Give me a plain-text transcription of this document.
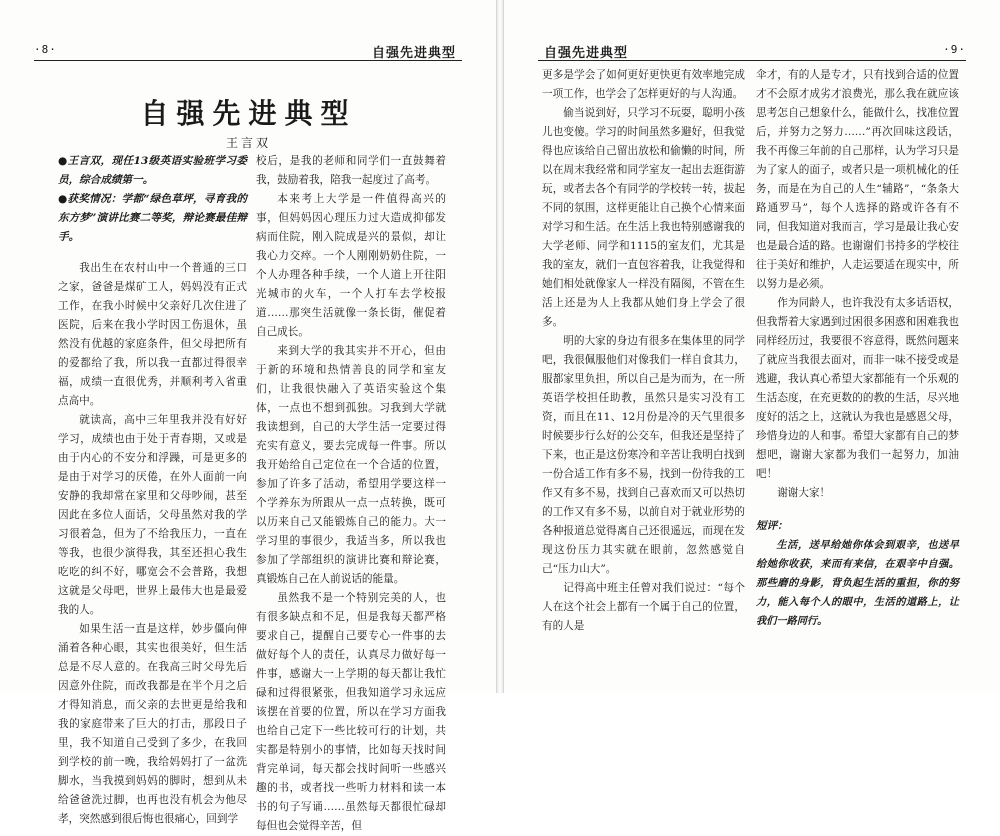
·8·	自强先进典型
自强先进典型
王言双

●王言双，现任13级英语实验班学习委员，综合成绩第一。

●获奖情况：学都“绿色草坪，寻育我的东方梦”演讲比赛二等奖，辩论赛最佳辩手。

我出生在农村山中一个普通的三口之家，爸爸是煤矿工人，妈妈没有正式工作，在我小时候中父亲好几次住进了医院，后来在我小学时因工伤退休，虽然没有优越的家庭条件，但父母把所有的爱都给了我，所以我一直都过得很幸福，成绩一直很优秀，并顺利考入省重点高中。

就读高，高中三年里我并没有好好学习，成绩也由于处于青春期，又或是由于内心的不安分和浮躁，可是更多的是由于对学习的厌倦，在外人面前一向安静的我却常在家里和父母吵闹，甚至因此在多位人面话，父母虽然对我的学习很着急，但为了不给我压力，一直在等我，也很少演得我，其至还担心我生吃吃的纠不好，哪宽会不会普路，我想这就是父母吧，世界上最伟大也是最爱我的人。

如果生活一直是这样，妙步僵向伸涌着各种心眼，其实也很美好，但生活总是不尽人意的。在我高三时父母先后因意外住院，而改我都是在半个月之后才得知消息，而父亲的去世更是给我和我的家庭带来了巨大的打击，那段日子里，我不知道自己受到了多少，在我回到学校的前一晚，我给妈妈打了一盆洗脚水，当我摸到妈妈的脚时，想到从未给爸爸洗过脚，也再也没有机会为他尽孝，突然感到很后悔也很痛心，回到学

校后，是我的老师和同学们一直鼓舞着我，鼓励着我，陪我一起度过了高考。

本来考上大学是一件值得高兴的事，但妈妈因心理压力过大造成抑郁发病而住院，刚入院成是兴的景似，却让我心力交瘁。一个人刚刚奶奶住院，一个人办理各种手续，一个人道上开往阳光城市的火车，一个人打车去学校报道……那突生活就像一条长街，催促着自己成长。

来到大学的我其实并不开心，但由于新的环境和热情善良的同学和室友们，让我很快融入了英语实验这个集体，一点也不想到孤独。习我到大学就我读想到，自己的大学生活一定要过得充实有意义，要去完成每一件事。所以我开始给自己定位在一个合适的位置，参加了许多了活动，希望用学要这样一个学养东为所跟从一点一点转换，既可以历来自己又能锻炼自己的能力。大一学习里的事很少，我适当多，所以我也参加了学部组织的演讲比赛和辩论赛，真锻炼自己在人前说话的能量。

虽然我不是一个特别完美的人，也有很多缺点和不足，但是我每天都严格要求自己，提醒自己要专心一件事的去做好每个人的责任，认真尽力做好每一件事，感谢大一上学期的每天都让我忙碌和过得很紧张，但我知道学习永远应该摆在首要的位置，所以在学习方面我也给自己定下一些比较可行的计划，共实都是特别小的事情，比如每天找时间背完单词，每天都会找时间听一些感兴趣的书，或者找一些听力材料和读一本书的句子写诵……虽然每天都很忙碌却每但也会觉得辛苦，但

自强先进典型	·9·

更多是学会了如何更好更快更有效率地完成一项工作，也学会了怎样更好的与人沟通。

偷当说到好，只学习不玩耍，聪明小孩儿也变傻。学习的时间虽然多避好，但我觉得也应该给自己留出放松和偷懒的时间，所以在周末我经常和同学室友一起出去逛街游玩，或者去各个有同学的学校转一转，拔起不同的氛围，这样更能让自己换个心情来面对学习和生活。在生活上我也特别感谢我的大学老师、同学和1115的室友们，尤其是我的室友，就们一直包容着我，让我觉得和她们相处就像家人一样没有隔阂，不管在生活上还是为人上我都从她们身上学会了很多。

明的大家的身边有很多在集体里的同学吧，我很佩服他们对像我们一样自食其力，服都家里负担，所以自己是为而为，在一所英语学校担任助教，虽然只是实习没有工资，而且在11、12月份是冷的天气里很多时候要步行么好的公交车，但我还是坚持了下来，也正是这份寒冷和辛苦让我明白找到一份合适工作有多不易，找到一份待我的工作又有多不易，找到自己喜欢而又可以热切的工作又有多不易，以前自对于就业形势的各种报道总觉得离自己还很遥远，而现在发现这份压力其实就在眼前，忽然感觉自己“压力山大”。

记得高中班主任曾对我们说过：“每个人在这个社会上都有一个属于自己的位置，有的人是

伞才，有的人是专才，只有找到合适的位置才不会原才成劣才浪费光，那么我在就应该思考怎自己想象什么，能做什么，找准位置后，并努力之努力……”再次回味这段话，我不再像三年前的自己那样，认为学习只是为了家人的面子，或者只是一项机械化的任务，而是在为自己的人生“辅路”，“条条大路通罗马”，每个人选择的路或许各有不同，但我知道对我而言，学习是最让我心安也是最合适的路。也谢谢们书持多的学校往往于美好和维护，人走运要适在现实中，所以努力是必须。

作为同龄人，也许我没有太多话语权，但我帮着大家遇到过困很多困惑和困难我也同样经历过，我要很不容意得，既然问题来了就应当我很去面对，而非一味不接受或是逃避，我认真心希望大家都能有一个乐观的生活态度，在充更数的的教的生活，尽兴地度好的活之上，这就认为我也是感恩父母，珍惜身边的人和事。希望大家都有自己的梦想吧，谢谢大家都为我们一起努力，加油吧！

谢谢大家！

短评：

生活，送早给她你体会到艰辛，也送早给她你收获，来而有来信，在艰辛中自强。那些磨的身影，背负起生活的重担，你的努力，能入每个人的眼中，生活的道路上，让我们一路同行。
